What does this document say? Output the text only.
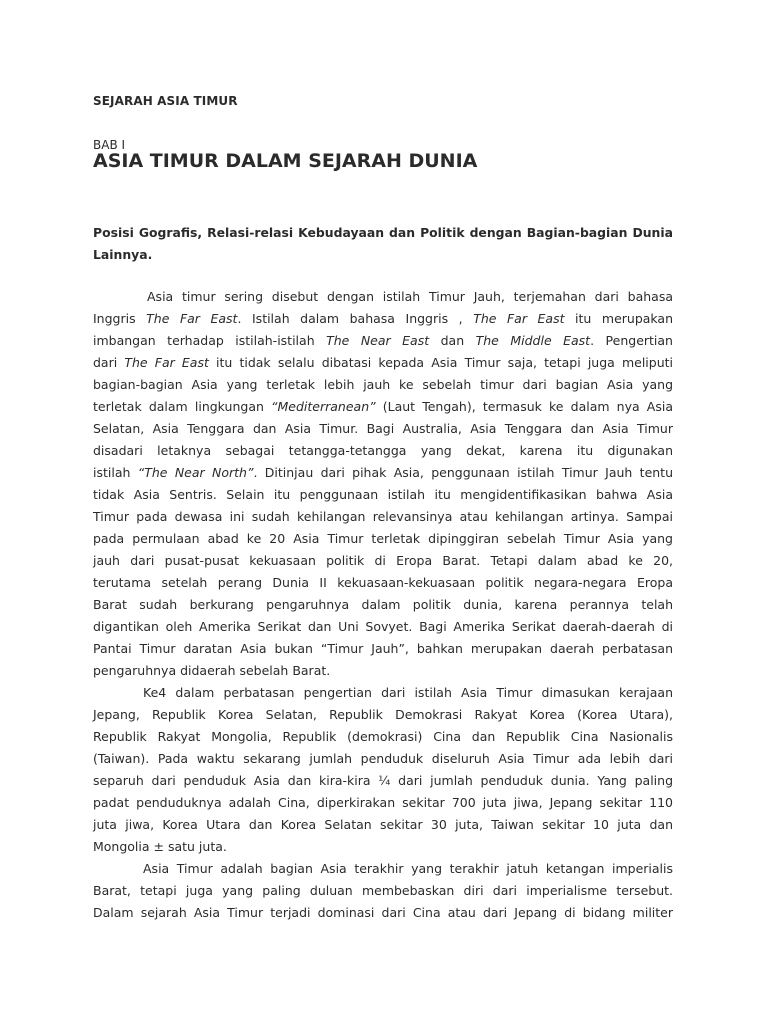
SEJARAH ASIA TIMUR
BAB I
ASIA TIMUR DALAM SEJARAH DUNIA
Posisi Gografis, Relasi-relasi Kebudayaan dan Politik dengan Bagian-bagian Dunia Lainnya.
Asia timur sering disebut dengan istilah Timur Jauh, terjemahan dari bahasa
Inggris The Far East. Istilah dalam bahasa Inggris , The Far East itu merupakan
imbangan terhadap istilah-istilah The Near East dan The Middle East. Pengertian
dari The Far East itu tidak selalu dibatasi kepada Asia Timur saja, tetapi juga meliputi
bagian-bagian Asia yang terletak lebih jauh ke sebelah timur dari bagian Asia yang
terletak dalam lingkungan “Mediterranean” (Laut Tengah), termasuk ke dalam nya Asia
Selatan, Asia Tenggara dan Asia Timur. Bagi Australia, Asia Tenggara dan Asia Timur
disadari letaknya sebagai tetangga-tetangga yang dekat, karena itu digunakan
istilah “The Near North”. Ditinjau dari pihak Asia, penggunaan istilah Timur Jauh tentu
tidak Asia Sentris. Selain itu penggunaan istilah itu mengidentifikasikan bahwa Asia
Timur pada dewasa ini sudah kehilangan relevansinya atau kehilangan artinya. Sampai
pada permulaan abad ke 20 Asia Timur terletak dipinggiran sebelah Timur Asia yang
jauh dari pusat-pusat kekuasaan politik di Eropa Barat. Tetapi dalam abad ke 20,
terutama setelah perang Dunia II kekuasaan-kekuasaan politik negara-negara Eropa
Barat sudah berkurang pengaruhnya dalam politik dunia, karena perannya telah
digantikan oleh Amerika Serikat dan Uni Sovyet. Bagi Amerika Serikat daerah-daerah di
Pantai Timur daratan Asia bukan “Timur Jauh”, bahkan merupakan daerah perbatasan
pengaruhnya didaerah sebelah Barat.
Ke4 dalam perbatasan pengertian dari istilah Asia Timur dimasukan kerajaan
Jepang, Republik Korea Selatan, Republik Demokrasi Rakyat Korea (Korea Utara),
Republik Rakyat Mongolia, Republik (demokrasi) Cina dan Republik Cina Nasionalis
(Taiwan). Pada waktu sekarang jumlah penduduk diseluruh Asia Timur ada lebih dari
separuh dari penduduk Asia dan kira-kira ¼ dari jumlah penduduk dunia. Yang paling
padat penduduknya adalah Cina, diperkirakan sekitar 700 juta jiwa, Jepang sekitar 110
juta jiwa, Korea Utara dan Korea Selatan sekitar 30 juta, Taiwan sekitar 10 juta dan
Mongolia ± satu juta.
Asia Timur adalah bagian Asia terakhir yang terakhir jatuh ketangan imperialis
Barat, tetapi juga yang paling duluan membebaskan diri dari imperialisme tersebut.
Dalam sejarah Asia Timur terjadi dominasi dari Cina atau dari Jepang di bidang militer
